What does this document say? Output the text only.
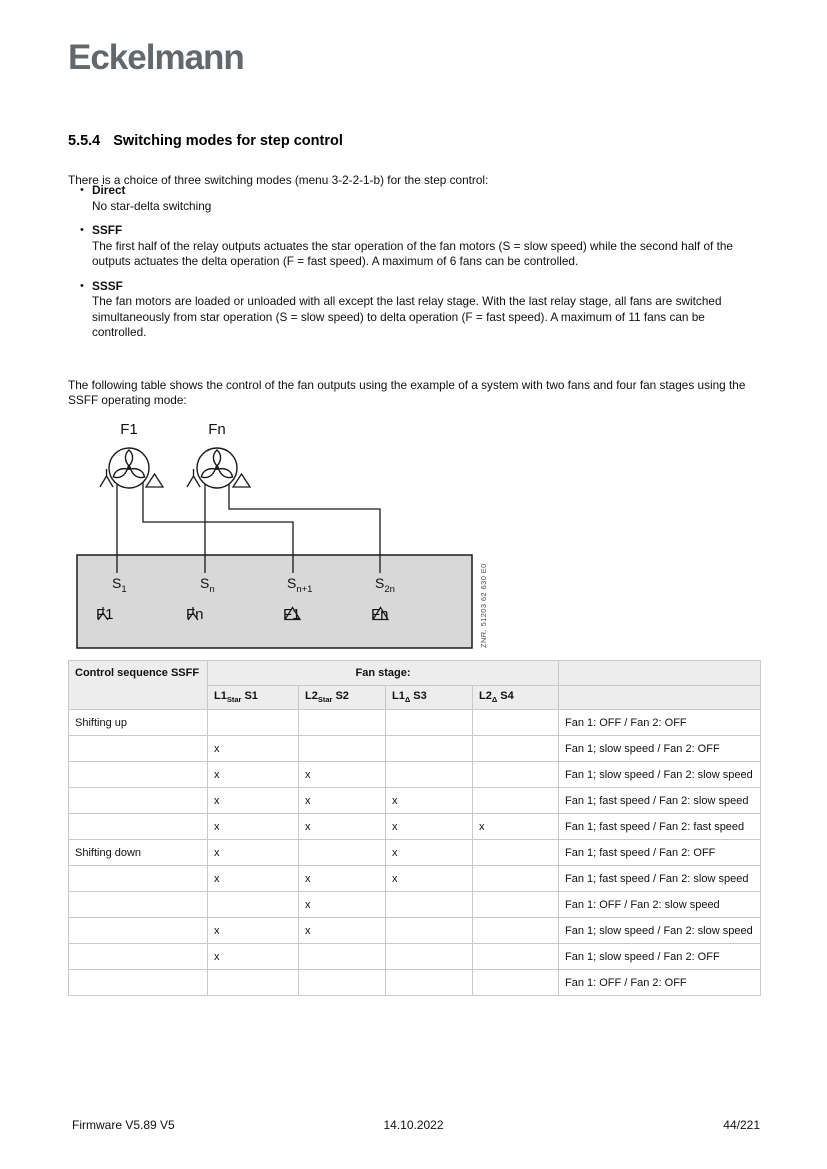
Eckelmann
5.5.4 Switching modes for step control

There is a choice of three switching modes (menu 3-2-2-1-b) for the step control:

• Direct
No star-delta switching
• SSFF
The first half of the relay outputs actuates the star operation of the fan motors (S = slow speed) while the second half of the outputs actuates the delta operation (F = fast speed). A maximum of 6 fans can be controlled.
• SSSF
The fan motors are loaded or unloaded with all except the last relay stage. With the last relay stage, all fans are switched simultaneously from star operation (S = slow speed) to delta operation (F = fast speed). A maximum of 11 fans can be controlled.

The following table shows the control of the fan outputs using the example of a system with two fans and four fan stages using the SSFF operating mode:

F1	Fn
$S_1$	$S_n$	$S_{n+1}$	$S_{2n}$
F1	Fn	F1	Fn	ZNR. 51203 62 630 E0
Control sequence SSFF	Fan stage:				
	$L1_{Star}$ S1	$L2_{Star}$ S2	$L1_\Delta$ S3	$L2_\Delta$ S4	
Shifting up					Fan 1: OFF / Fan 2: OFF
	x				Fan 1; slow speed / Fan 2: OFF
	x	x			Fan 1; slow speed / Fan 2: slow speed
	x	x	x		Fan 1; fast speed / Fan 2: slow speed
	x	x	x	x	Fan 1; fast speed / Fan 2: fast speed
Shifting down	x		x		Fan 1; fast speed / Fan 2: OFF
	x	x	x		Fan 1; fast speed / Fan 2: slow speed
		x			Fan 1: OFF / Fan 2: slow speed
	x	x			Fan 1; slow speed / Fan 2: slow speed
	x				Fan 1; slow speed / Fan 2: OFF
					Fan 1: OFF / Fan 2: OFF
14.10.2022
Firmware V5.89 V5	44/221
